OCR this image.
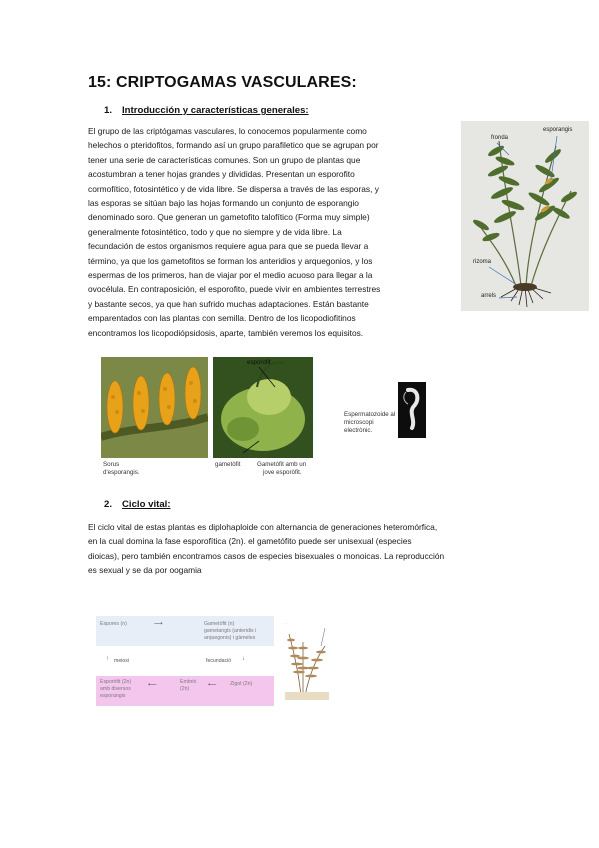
15: CRIPTOGAMAS VASCULARES:
1. Introducción y características generales:
El grupo de las criptógamas vasculares, lo conocemos popularmente como
helechos o pteridofitos, formando así un grupo parafiletico que se agrupan por
tener una serie de características comunes. Son un grupo de plantas que
acostumbran a tener hojas grandes y divididas. Presentan un esporofito
cormofítico, fotosintético y de vida libre. Se dispersa a través de las esporas, y
las esporas se sitúan bajo las hojas formando un conjunto de esporangio
denominado soro. Que generan un gametofito talofítico (Forma muy simple)
generalmente fotosintético, todo y que no siempre y de vida libre. La
fecundación de estos organismos requiere agua para que se pueda llevar a
término, ya que los gametofitos se forman los anteridios y arquegonios, y los
espermas de los primeros, han de viajar por el medio acuoso para llegar a la
ovocélula. En contraposición, el esporofito, puede vivir en ambientes terrestres
y bastante secos, ya que han sufrido muchas adaptaciones. Están bastante
emparentados con las plantas con semilla. Dentro de los licopodiofitinos
encontramos los licopodiópsidosis, aparte, también veremos los equisitos.
fronda
esporangis
rizoma
arrels
Sorus
d'esporangis.
esporòfit
gametòfit	Gametòfit amb un
jove esporòfit.
Espermatozoide al
microscopi electrònic.
2. Ciclo vital:
El ciclo vital de estas plantas es diplohaploide con alternancia de generaciones heteromórfica,
en la cual domina la fase esporofítica (2n). el gametófito puede ser unisexual (especies
dioicas), pero también encontramos casos de especies bisexuales o monoicas. La reproducción
es sexual y se da por oogamia
Espores (n)	⟶	Gametòfit (n)
gametangis (anteridis i
arquegonis) i gàmetes
↑ meiosi	fecundació ↓
Esporòfit (2n)
amb diversos
esporangis
⟵	Embrió
(2n)
⟵	Zigot (2n)
· · ·
